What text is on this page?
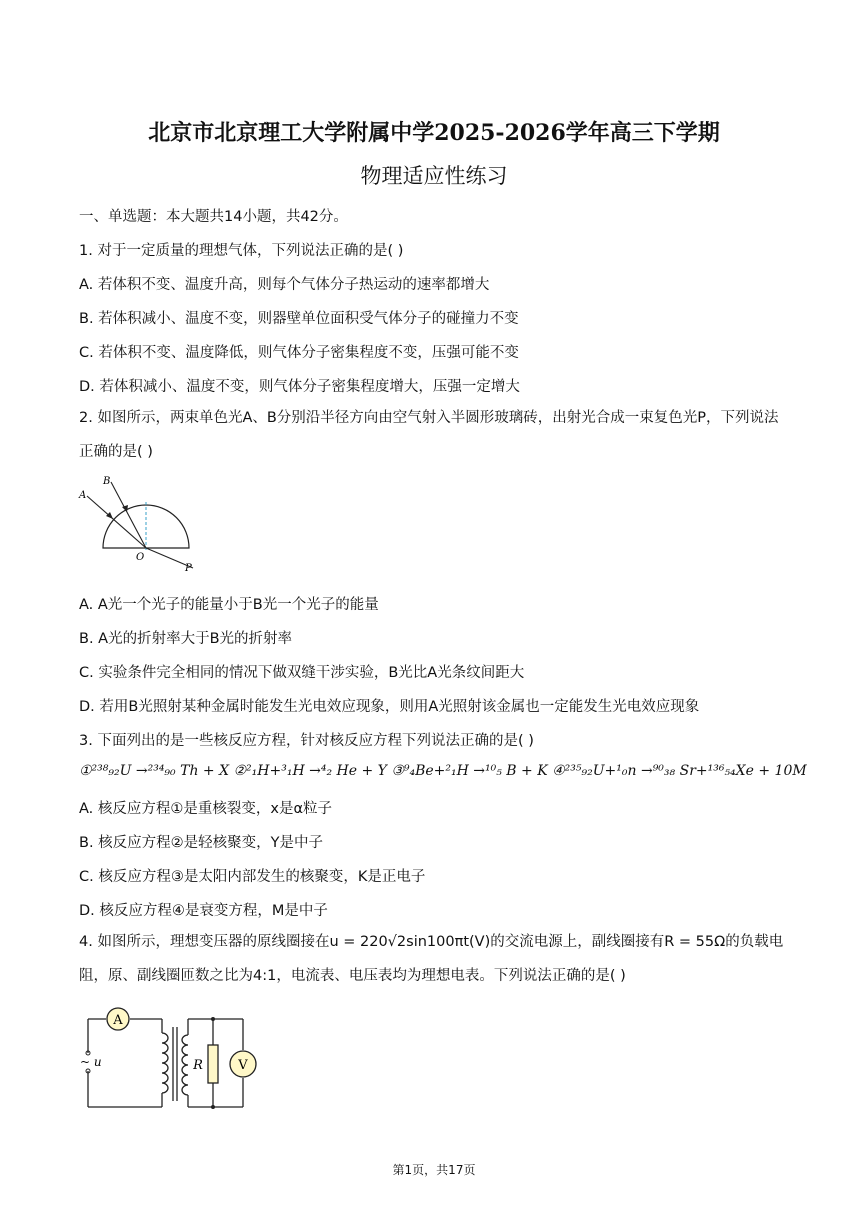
北京市北京理工大学附属中学2025-2026学年高三下学期
物理适应性练习
一、单选题：本大题共14小题，共42分。
1. 对于一定质量的理想气体，下列说法正确的是( )
A. 若体积不变、温度升高，则每个气体分子热运动的速率都增大
B. 若体积减小、温度不变，则器壁单位面积受气体分子的碰撞力不变
C. 若体积不变、温度降低，则气体分子密集程度不变，压强可能不变
D. 若体积减小、温度不变，则气体分子密集程度增大，压强一定增大
2. 如图所示，两束单色光A、B分别沿半径方向由空气射入半圆形玻璃砖，出射光合成一束复色光P，下列说法正确的是( )
A
B
O
P
A. A光一个光子的能量小于B光一个光子的能量
B. A光的折射率大于B光的折射率
C. 实验条件完全相同的情况下做双缝干涉实验，B光比A光条纹间距大
D. 若用B光照射某种金属时能发生光电效应现象，则用A光照射该金属也一定能发生光电效应现象
3. 下面列出的是一些核反应方程，针对核反应方程下列说法正确的是( )
①²³⁸₉₂U →²³⁴₉₀ Th + X ②²₁H+³₁H →⁴₂ He + Y ③⁹₄Be+²₁H →¹⁰₅ B + K ④²³⁵₉₂U+¹₀n →⁹⁰₃₈ Sr+¹³⁶₅₄Xe + 10M
A. 核反应方程①是重核裂变，x是α粒子
B. 核反应方程②是轻核聚变，Y是中子
C. 核反应方程③是太阳内部发生的核聚变，K是正电子
D. 核反应方程④是衰变方程，M是中子
4. 如图所示，理想变压器的原线圈接在u = 220√2sin100πt(V)的交流电源上，副线圈接有R = 55Ω的负载电阻，原、副线圈匝数之比为4:1，电流表、电压表均为理想电表。下列说法正确的是( )
A
R	V
~ u
第1页，共17页
